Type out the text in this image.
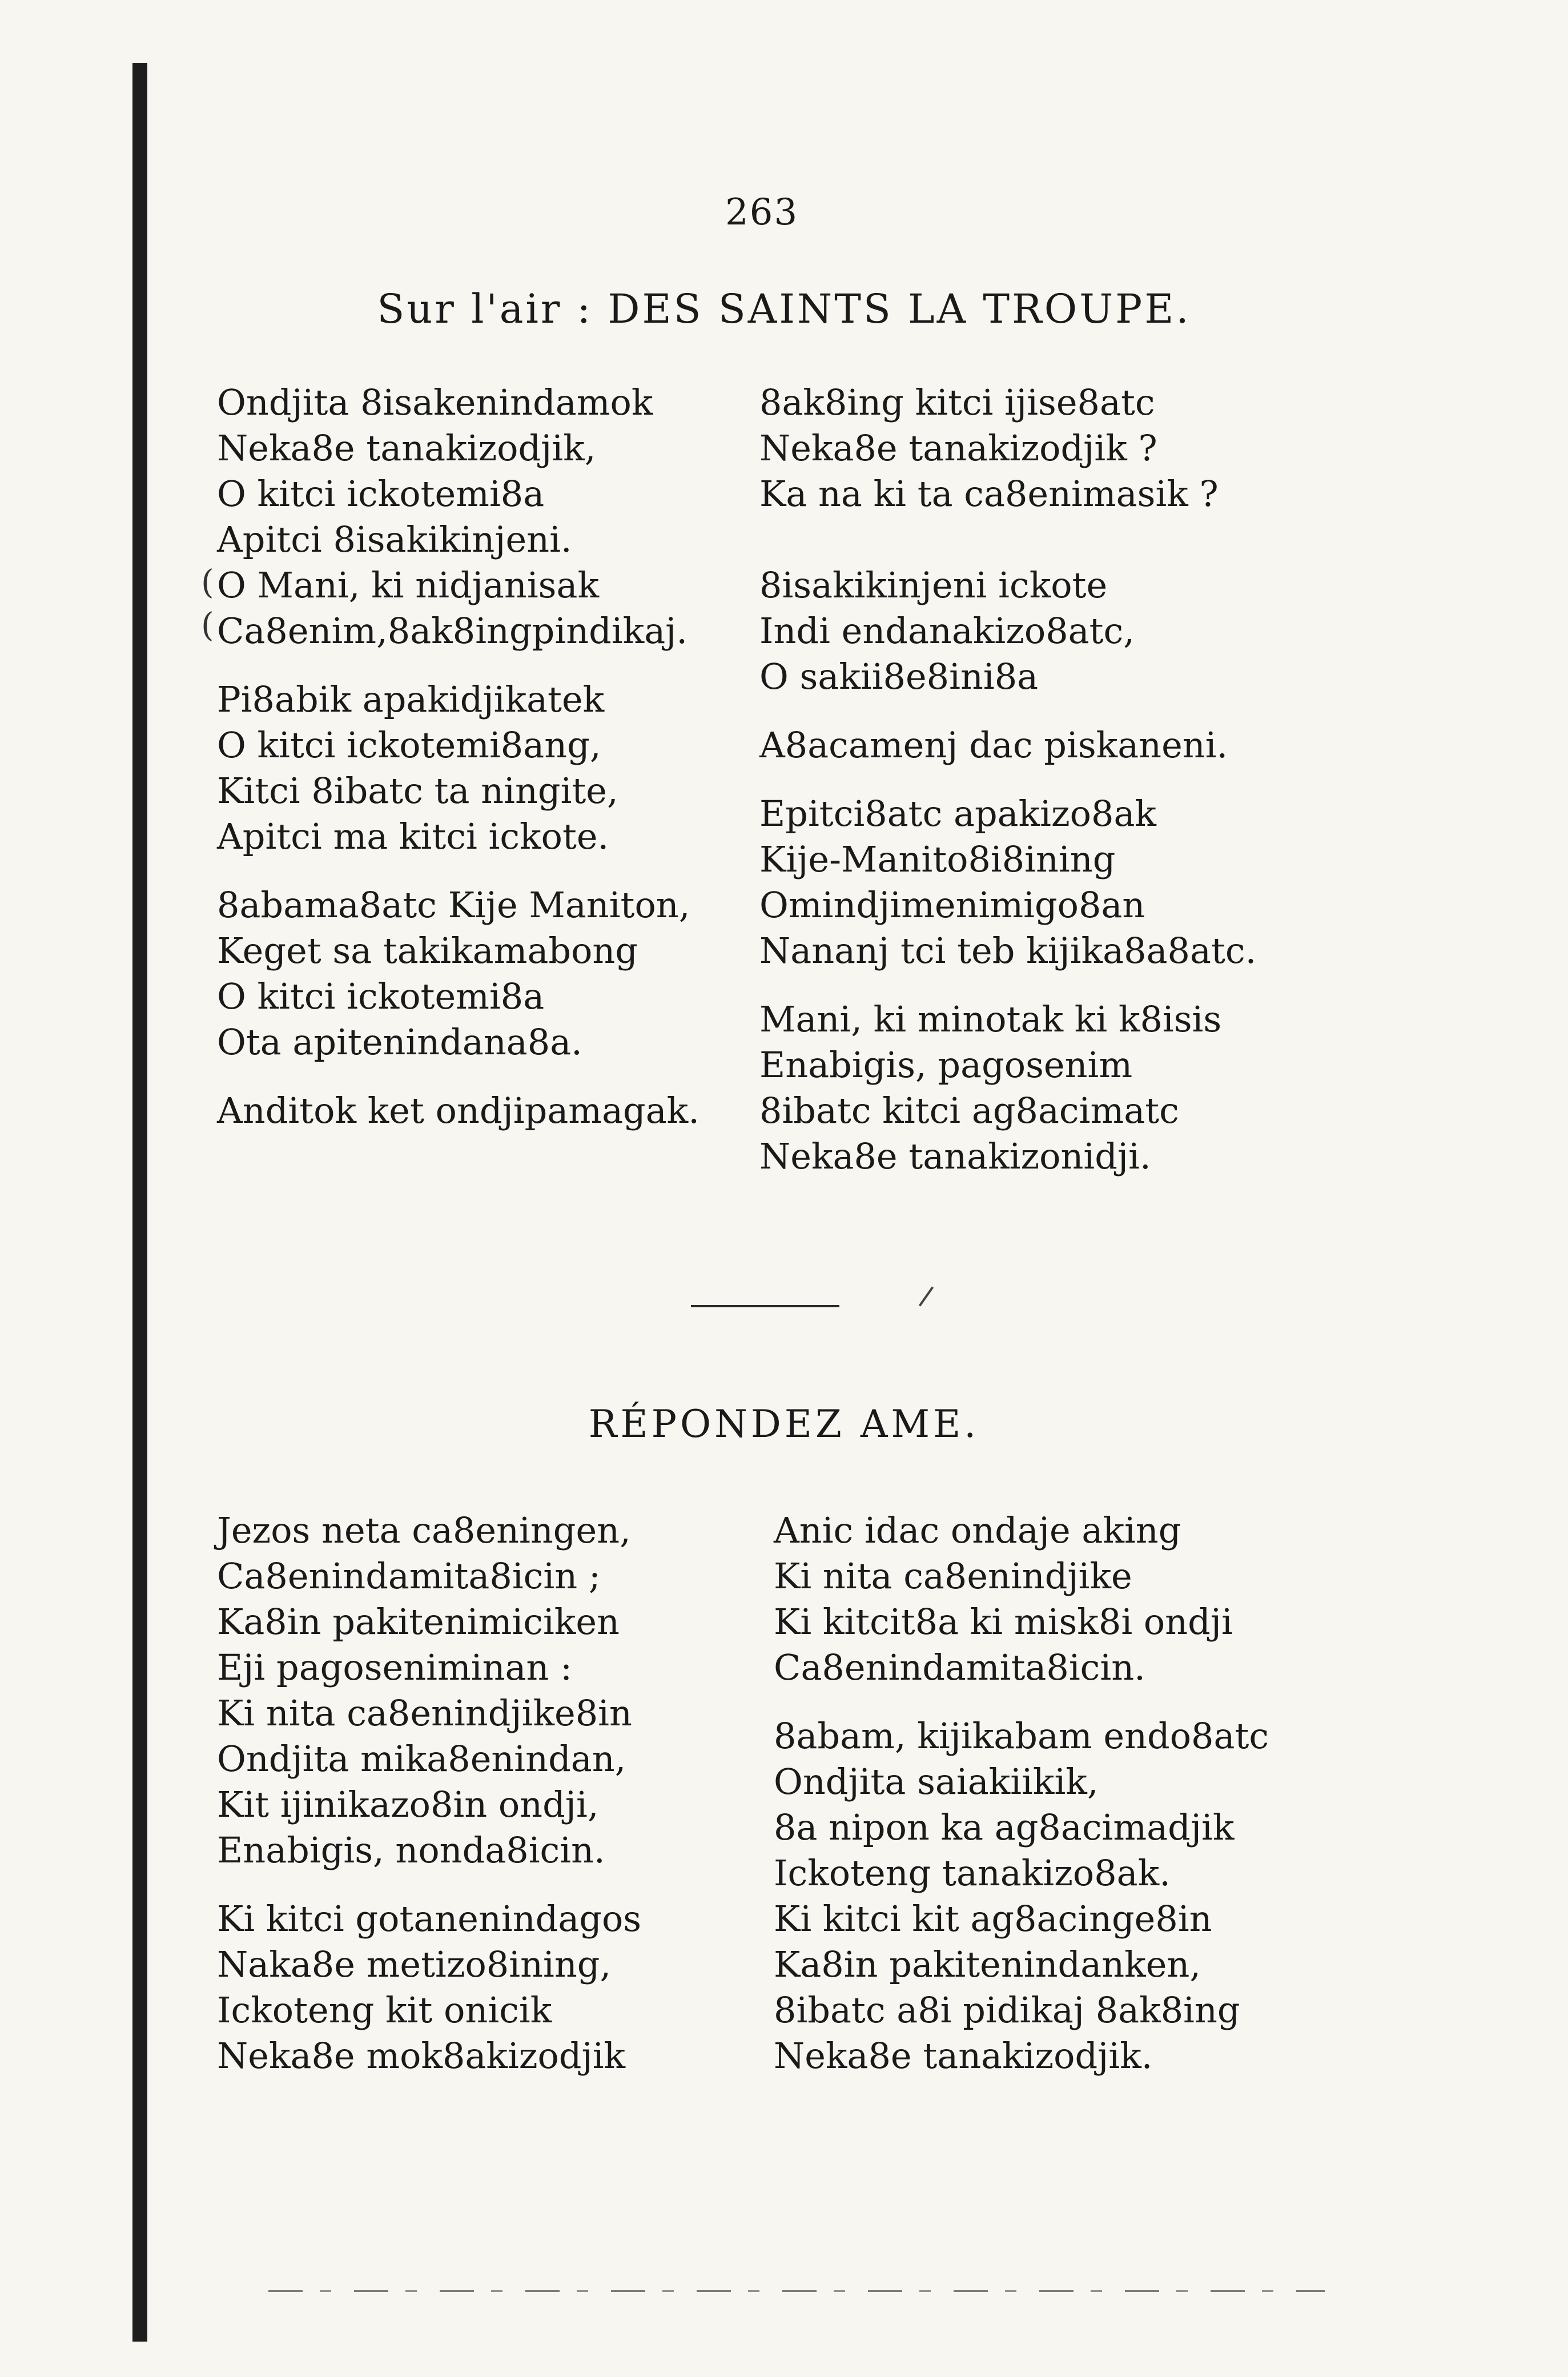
263
Sur l'air : DES SAINTS LA TROUPE.
(
(
Ondjita 8isakenindamok
Neka8e tanakizodjik,
O kitci ickotemi8a
Apitci 8isakikinjeni.
O Mani, ki nidjanisak
Ca8enim,8ak8ingpindikaj.
Pi8abik apakidjikatek
O kitci ickotemi8ang,
Kitci 8ibatc ta ningite,
Apitci ma kitci ickote.
8abama8atc Kije Maniton,
Keget sa takikamabong
O kitci ickotemi8a
Ota apitenindana8a.
Anditok ket ondjipamagak.
8ak8ing kitci ijise8atc
Neka8e tanakizodjik ?
Ka na ki ta ca8enimasik ?
8isakikinjeni ickote
Indi endanakizo8atc,
O sakii8e8ini8a
A8acamenj dac piskaneni.
Epitci8atc apakizo8ak
Kije-Manito8i8ining
Omindjimenimigo8an
Nananj tci teb kijika8a8atc.
Mani, ki minotak ki k8isis
Enabigis, pagosenim
8ibatc kitci ag8acimatc
Neka8e tanakizonidji.
RÉPONDEZ AME.
Jezos neta ca8eningen,
Ca8enindamita8icin ;
Ka8in pakitenimiciken
Eji pagoseniminan :
Ki nita ca8enindjike8in
Ondjita mika8enindan,
Kit ijinikazo8in ondji,
Enabigis, nonda8icin.
Ki kitci gotanenindagos
Naka8e metizo8ining,
Ickoteng kit onicik
Neka8e mok8akizodjik
Anic idac ondaje aking
Ki nita ca8enindjike
Ki kitcit8a ki misk8i ondji
Ca8enindamita8icin.
8abam, kijikabam endo8atc
Ondjita saiakiikik,
8a nipon ka ag8acimadjik
Ickoteng tanakizo8ak.
Ki kitci kit ag8acinge8in
Ka8in pakitenindanken,
8ibatc a8i pidikaj 8ak8ing
Neka8e tanakizodjik.
